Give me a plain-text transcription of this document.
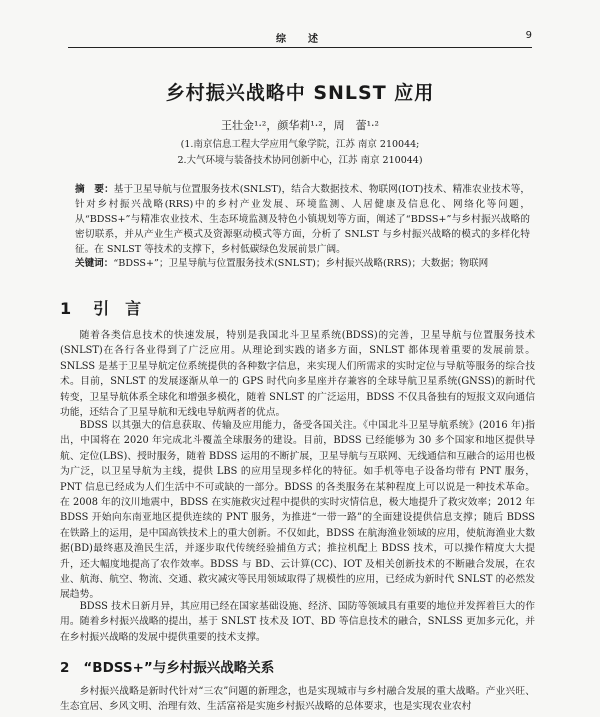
综　述	9
乡村振兴战略中 SNLST 应用
王壮金¹·²，颜华莉¹·²，周　蕾¹·²
(1.南京信息工程大学应用气象学院，江苏 南京 210044;
2.大气环境与装备技术协同创新中心，江苏 南京 210044)
摘　要：基于卫星导航与位置服务技术(SNLST)，结合大数据技术、物联网(IOT)技术、精准农业技术等，针对乡村振兴战略(RRS)中的乡村产业发展、环境监测、人居健康及信息化、网络化等问题，从“BDSS+”与精准农业技术、生态环境监测及特色小镇规划等方面，阐述了“BDSS+”与乡村振兴战略的密切联系，并从产业生产模式及资源驱动模式等方面，分析了 SNLST 与乡村振兴战略的模式的多样化特征。在 SNLST 等技术的支撑下，乡村低碳绿色发展前景广阔。
关键词：“BDSS+”；卫星导航与位置服务技术(SNLST)；乡村振兴战略(RRS)；大数据；物联网
1 引　言
随着各类信息技术的快速发展，特别是我国北斗卫星系统(BDSS)的完善，卫星导航与位置服务技术(SNLST)在各行各业得到了广泛应用。从理论到实践的诸多方面，SNLST 都体现着重要的发展前景。SNLSS 是基于卫星导航定位系统提供的各种数字信息，来实现人们所需求的实时定位与导航等服务的综合技术。目前，SNLST 的发展逐渐从单一的 GPS 时代向多星座并存兼容的全球导航卫星系统(GNSS)的新时代转变，卫星导航体系全球化和增强多模化，随着 SNLST 的广泛运用，BDSS 不仅具备独有的短报文双向通信功能，还结合了卫星导航和无线电导航两者的优点。
BDSS 以其强大的信息获取、传输及应用能力，备受各国关注。《中国北斗卫星导航系统》(2016 年)指出，中国将在 2020 年完成北斗覆盖全球服务的建设。目前，BDSS 已经能够为 30 多个国家和地区提供导航、定位(LBS)、授时服务，随着 BDSS 运用的不断扩展，卫星导航与互联网、无线通信和互融合的运用也极为广泛，以卫星导航为主线，提供 LBS 的应用呈现多样化的特征。如手机等电子设备均带有 PNT 服务，PNT 信息已经成为人们生活中不可或缺的一部分。BDSS 的各类服务在某种程度上可以说是一种技术革命。在 2008 年的汶川地震中，BDSS 在实施救灾过程中提供的实时灾情信息，极大地提升了救灾效率；2012 年 BDSS 开始向东南亚地区提供连续的 PNT 服务，为推进“一带一路”的全面建设提供信息支撑；随后 BDSS 在铁路上的运用，是中国高铁技术上的重大创新。不仅如此，BDSS 在航海渔业领域的应用，使航海渔业大数据(BD)最终惠及渔民生活，并逐步取代传统经验捕鱼方式；推拉机配上 BDSS 技术，可以操作精度大大提升，还大幅度地提高了农作效率。BDSS 与 BD、云计算(CC)、IOT 及相关创新技术的不断融合发展，在农业、航海、航空、物流、交通、救灾减灾等民用领域取得了规模性的应用，已经成为新时代 SNLST 的必然发展趋势。
BDSS 技术日新月异，其应用已经在国家基础设施、经济、国防等领域具有重要的地位并发挥着巨大的作用。随着乡村振兴战略的提出，基于 SNLST 技术及 IOT、BD 等信息技术的融合，SNLSS 更加多元化，并在乡村振兴战略的发展中提供重要的技术支撑。
2 “BDSS+”与乡村振兴战略关系
乡村振兴战略是新时代针对“三农”问题的新理念，也是实现城市与乡村融合发展的重大战略。产业兴旺、生态宜居、乡风文明、治理有效、生活富裕是实施乡村振兴战略的总体要求，也是实现农业农村
